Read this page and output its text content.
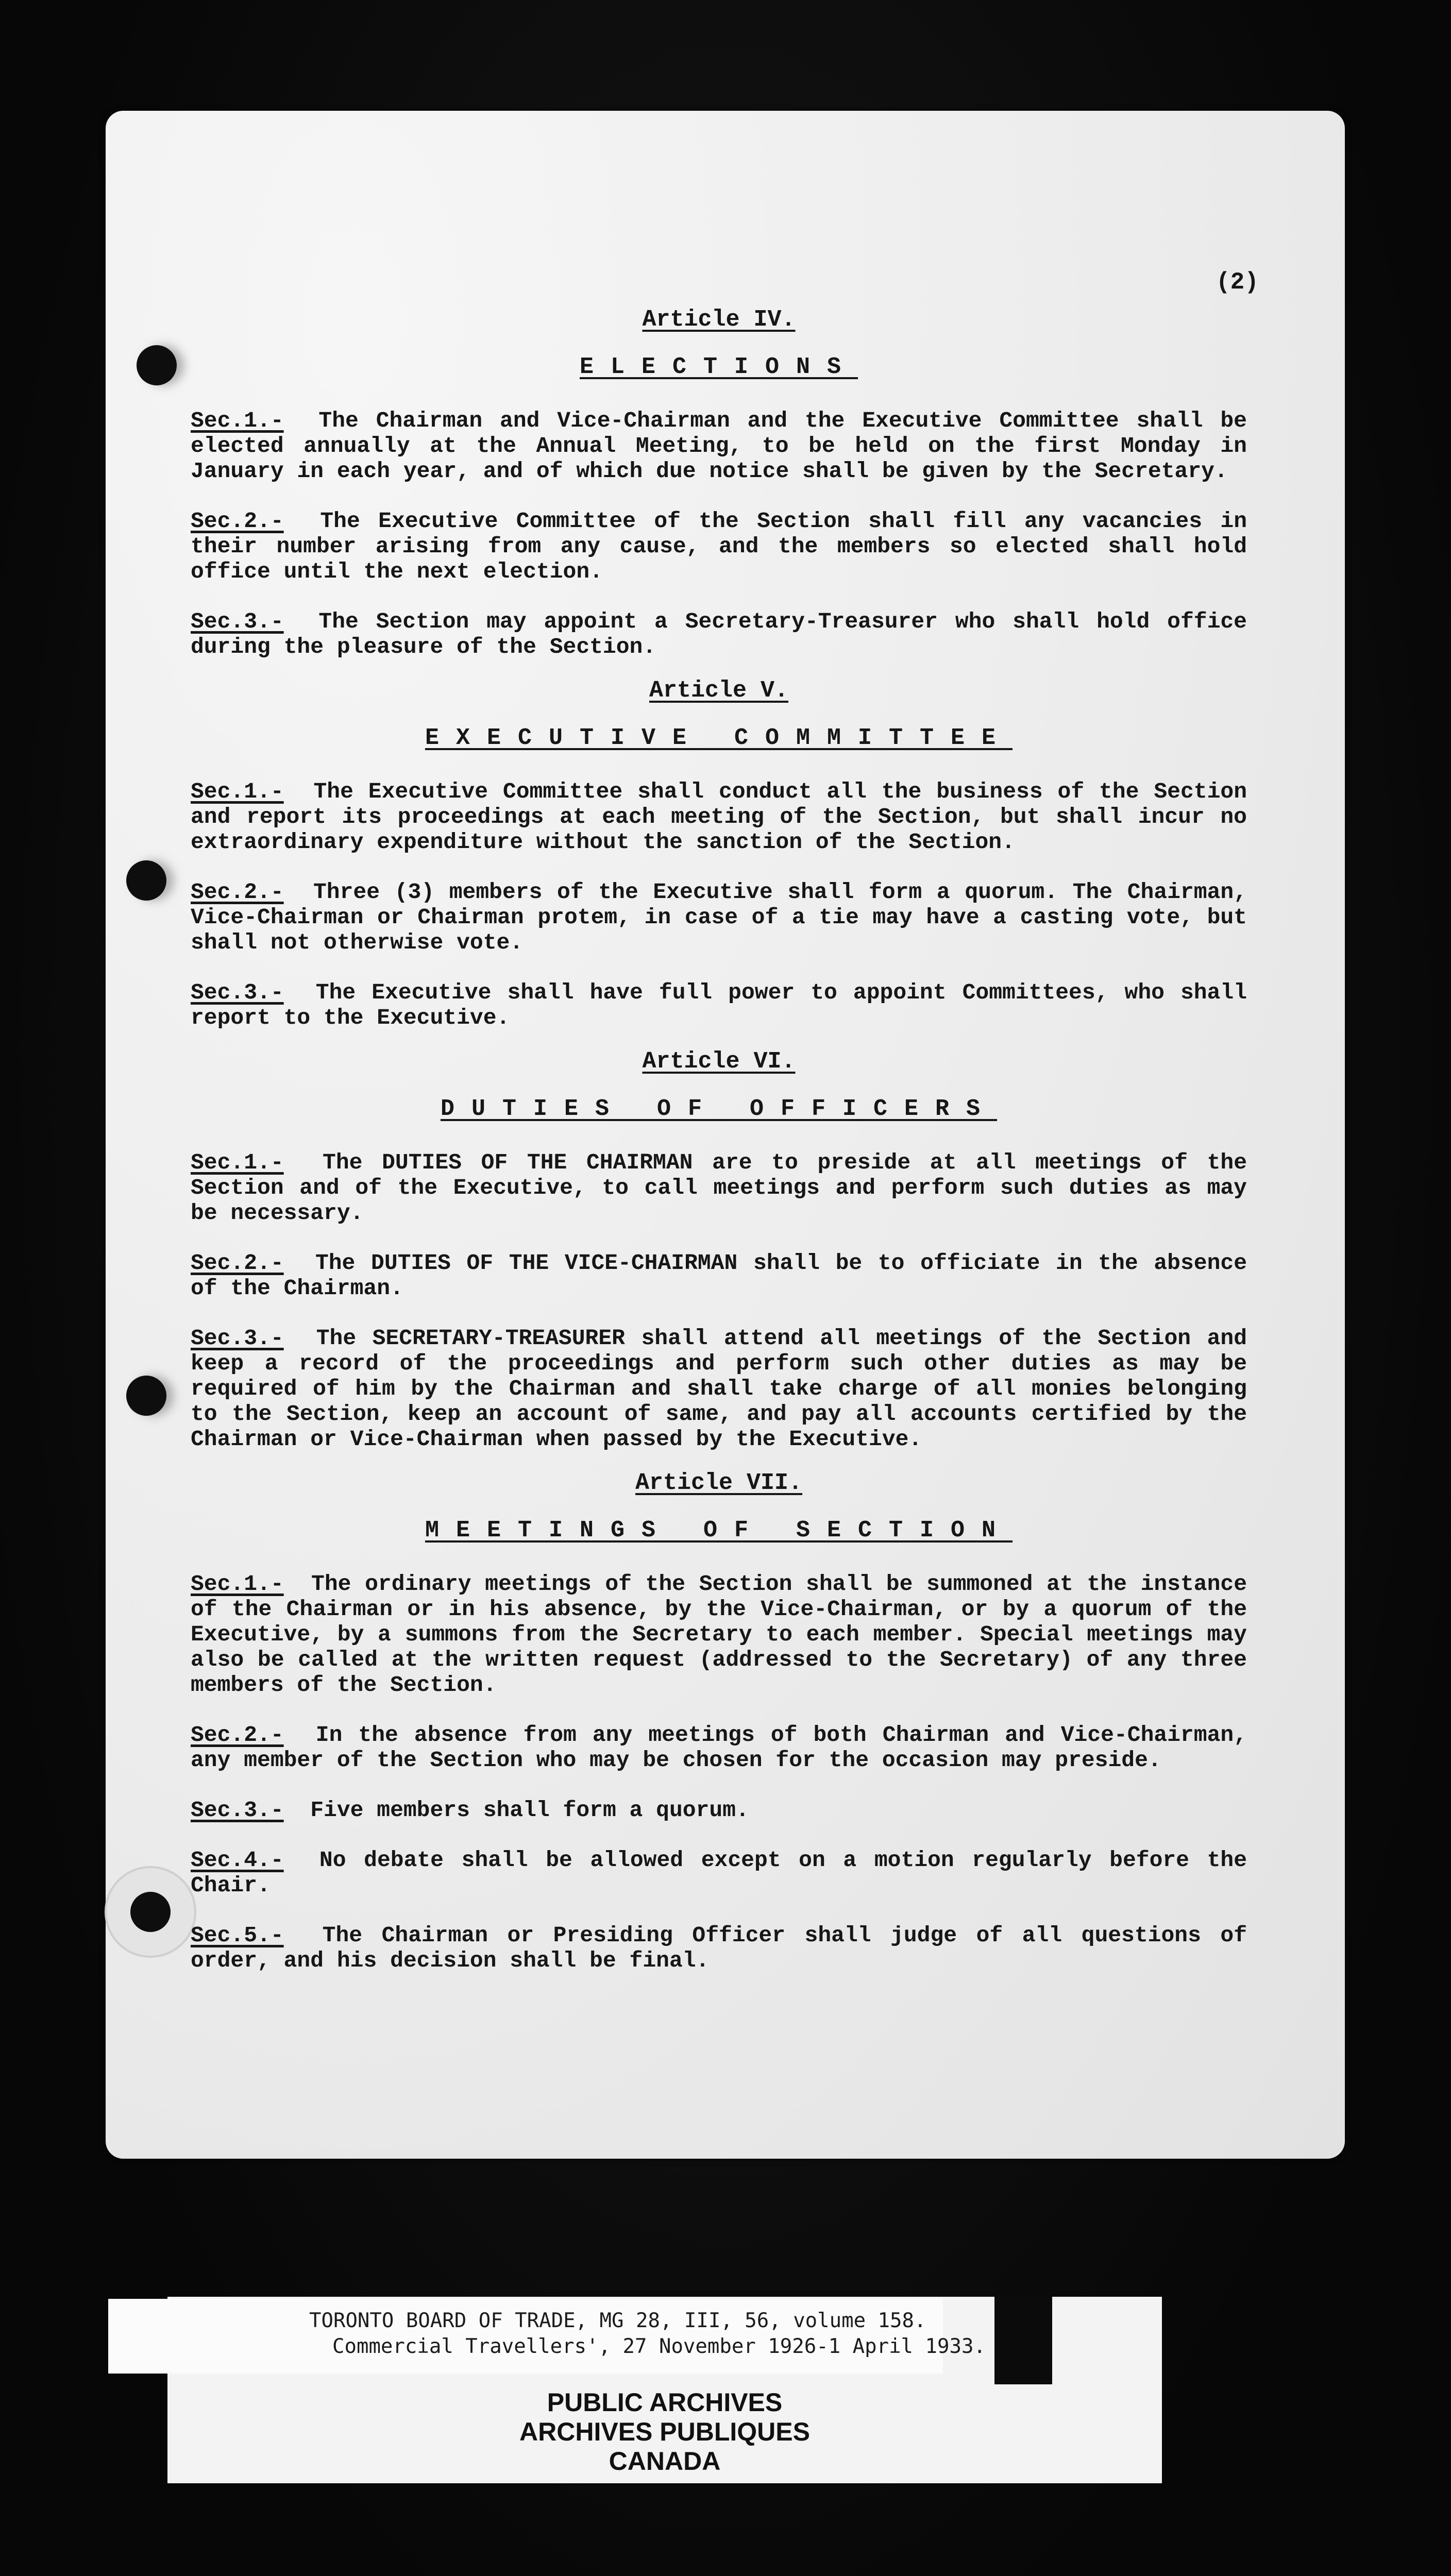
(2)

Article IV.

ELECTIONS

Sec.1.- The Chairman and Vice-Chairman and the Executive Committee shall be elected annually at the Annual Meeting, to be held on the first Monday in January in each year, and of which due notice shall be given by the Secretary.

Sec.2.- The Executive Committee of the Section shall fill any vacancies in their number arising from any cause, and the members so elected shall hold office until the next election.

Sec.3.- The Section may appoint a Secretary-Treasurer who shall hold office during the pleasure of the Section.

Article V.

EXECUTIVE COMMITTEE

Sec.1.- The Executive Committee shall conduct all the business of the Section and report its proceedings at each meeting of the Section, but shall incur no extraordinary expenditure without the sanction of the Section.

Sec.2.- Three (3) members of the Executive shall form a quorum. The Chairman, Vice-Chairman or Chairman protem, in case of a tie may have a casting vote, but shall not otherwise vote.

Sec.3.- The Executive shall have full power to appoint Committees, who shall report to the Executive.

Article VI.

DUTIES OF OFFICERS

Sec.1.- The DUTIES OF THE CHAIRMAN are to preside at all meetings of the Section and of the Executive, to call meetings and perform such duties as may be necessary.

Sec.2.- The DUTIES OF THE VICE-CHAIRMAN shall be to officiate in the absence of the Chairman.

Sec.3.- The SECRETARY-TREASURER shall attend all meetings of the Section and keep a record of the proceedings and perform such other duties as may be required of him by the Chairman and shall take charge of all monies belonging to the Section, keep an account of same, and pay all accounts certified by the Chairman or Vice-Chairman when passed by the Executive.

Article VII.

MEETINGS OF SECTION

Sec.1.- The ordinary meetings of the Section shall be summoned at the instance of the Chairman or in his absence, by the Vice-Chairman, or by a quorum of the Executive, by a summons from the Secretary to each member. Special meetings may also be called at the written request (addressed to the Secretary) of any three members of the Section.

Sec.2.- In the absence from any meetings of both Chairman and Vice-Chairman, any member of the Section who may be chosen for the occasion may preside.

Sec.3.- Five members shall form a quorum.

Sec.4.- No debate shall be allowed except on a motion regularly before the Chair.

Sec.5.- The Chairman or Presiding Officer shall judge of all questions of order, and his decision shall be final.

TORONTO BOARD OF TRADE, MG 28, III, 56, volume 158.
Commercial Travellers', 27 November 1926-1 April 1933.
PUBLIC ARCHIVES
ARCHIVES PUBLIQUES
CANADA
